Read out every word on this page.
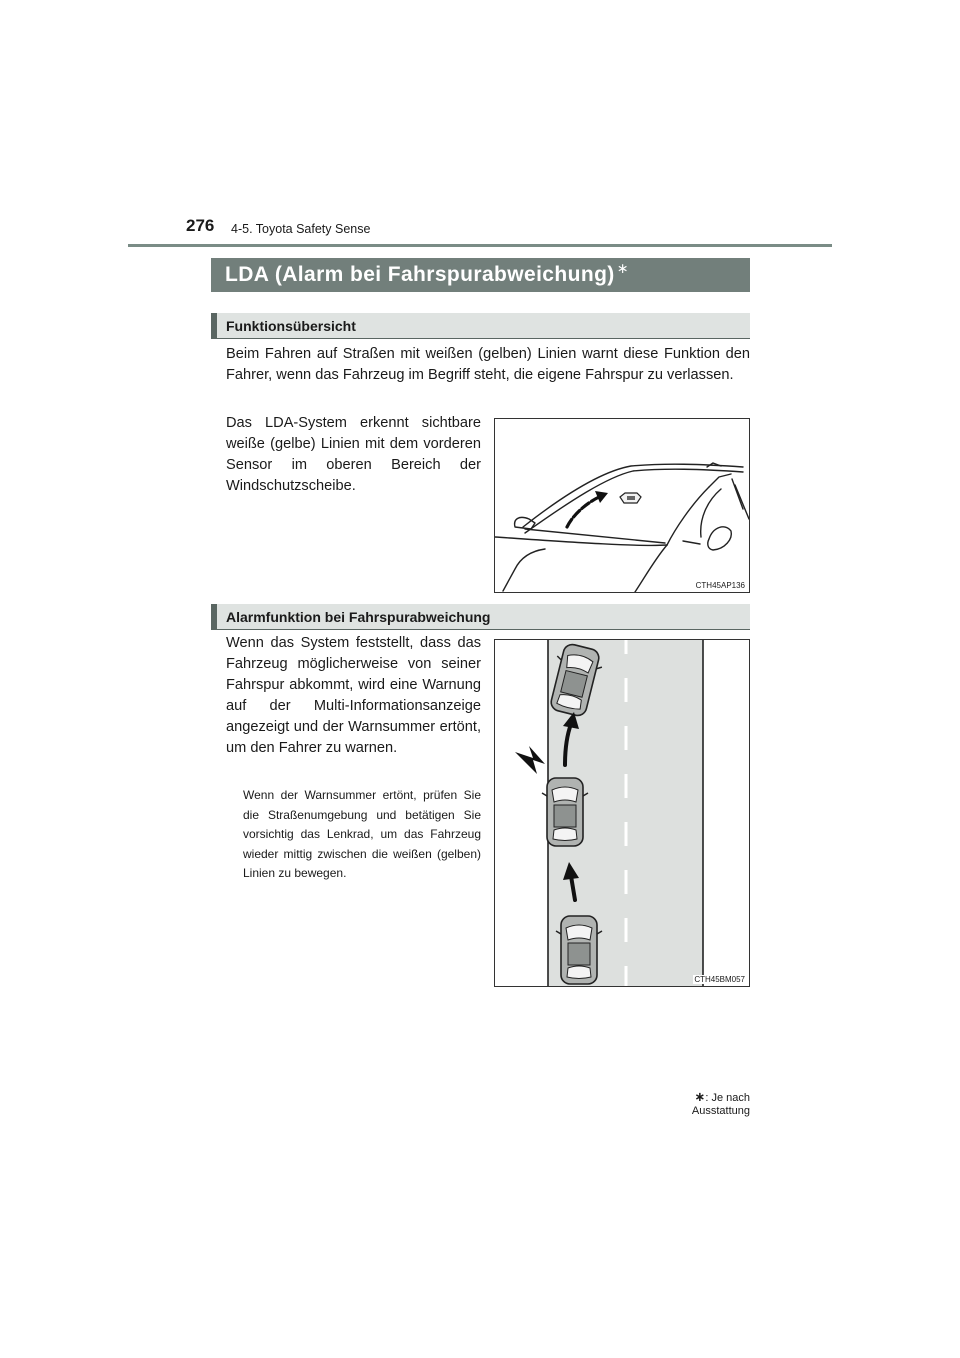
276 4-5. Toyota Safety Sense
LDA (Alarm bei Fahrspurabweichung) ∗
Funktionsübersicht

Beim Fahren auf Straßen mit weißen (gelben) Linien warnt diese Funktion den Fahrer, wenn das Fahrzeug im Begriff steht, die eigene Fahrspur zu verlassen.

Das LDA-System erkennt sichtbare weiße (gelbe) Linien mit dem vorderen Sensor im oberen Bereich der Windschutzscheibe.

CTH45AP136
Alarmfunktion bei Fahrspurabweichung

Wenn das System feststellt, dass das Fahrzeug möglicherweise von seiner Fahrspur abkommt, wird eine Warnung auf der Multi-Informationsanzeige angezeigt und der Warnsummer ertönt, um den Fahrer zu warnen.

Wenn der Warnsummer ertönt, prüfen Sie die Straßenumgebung und betätigen Sie vorsichtig das Lenkrad, um das Fahrzeug wieder mittig zwischen die weißen (gelben) Linien zu bewegen.

CTH45BM057
∗: Je nach Ausstattung
